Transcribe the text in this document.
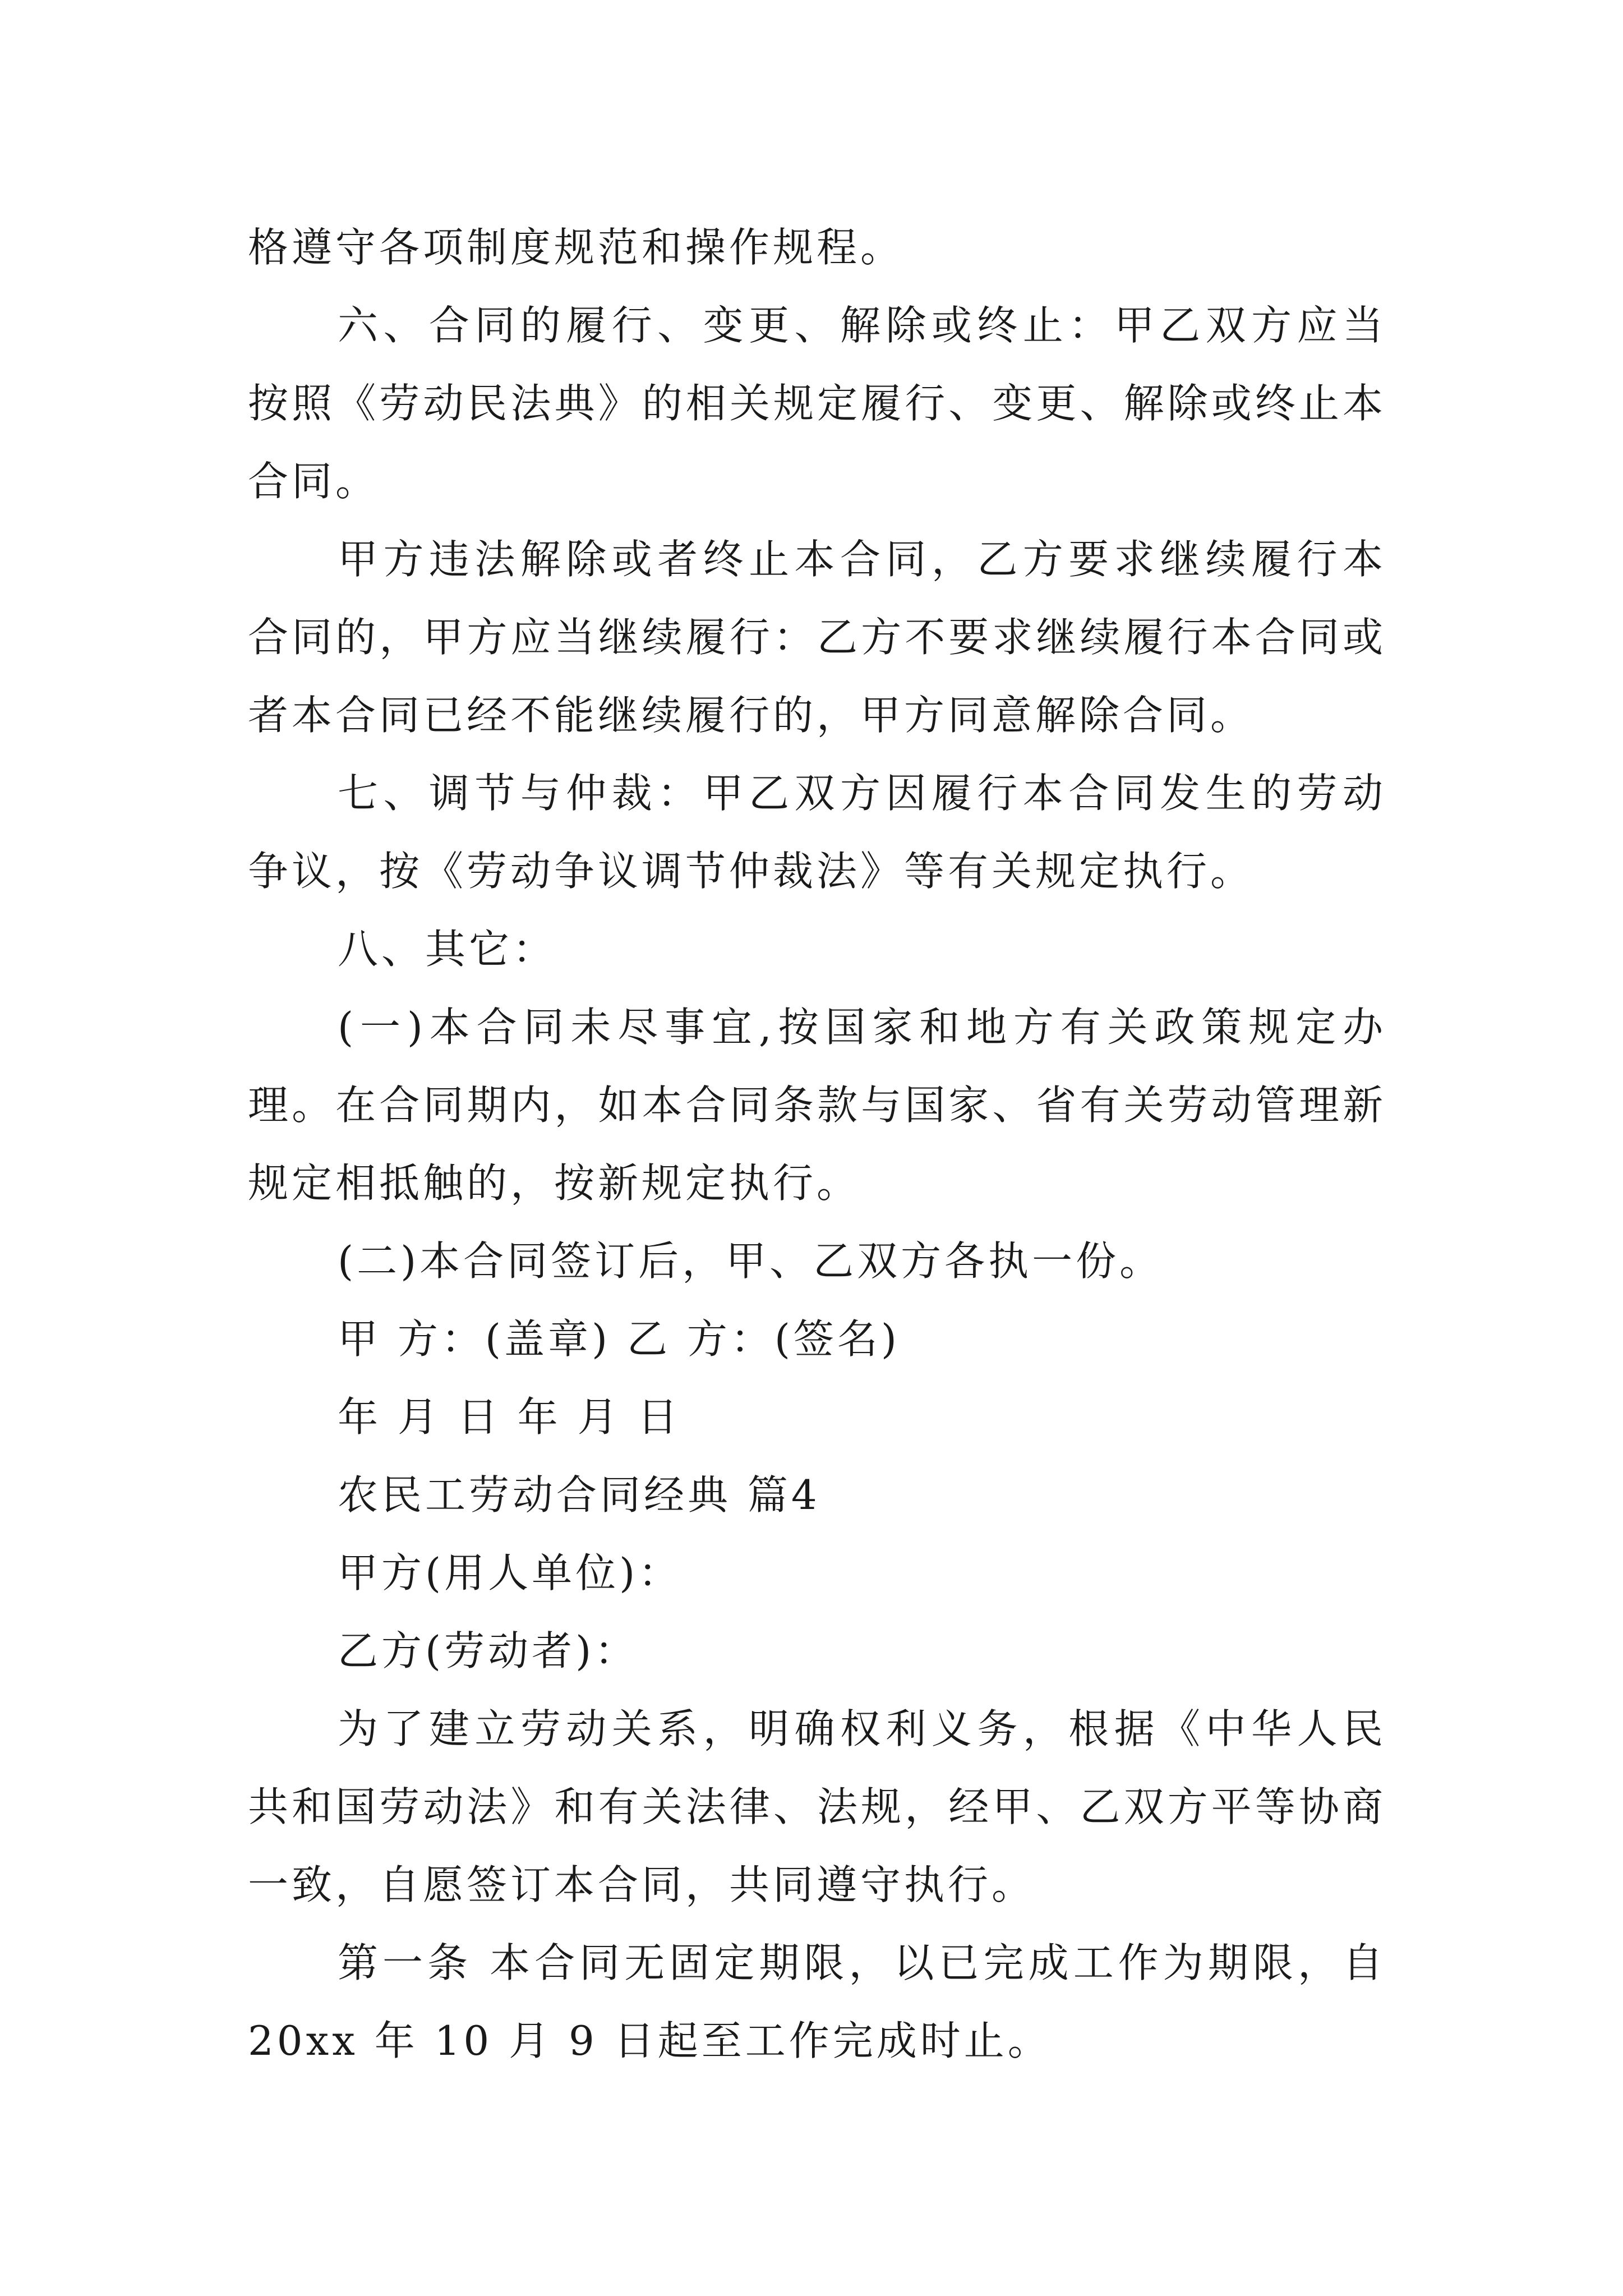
格遵守各项制度规范和操作规程。

六、合同的履行、变更、解除或终止：甲乙双方应当按照《劳动民法典》的相关规定履行、变更、解除或终止本合同。

甲方违法解除或者终止本合同，乙方要求继续履行本合同的，甲方应当继续履行：乙方不要求继续履行本合同或者本合同已经不能继续履行的，甲方同意解除合同。

七、调节与仲裁：甲乙双方因履行本合同发生的劳动争议，按《劳动争议调节仲裁法》等有关规定执行。

八、其它：

(一)本合同未尽事宜,按国家和地方有关政策规定办理。在合同期内，如本合同条款与国家、省有关劳动管理新规定相抵触的，按新规定执行。

(二)本合同签订后，甲、乙双方各执一份。

甲 方：(盖章) 乙 方：(签名)

年 月 日 年 月 日

农民工劳动合同经典 篇4

甲方(用人单位)：

乙方(劳动者)：

为了建立劳动关系，明确权利义务，根据《中华人民共和国劳动法》和有关法律、法规，经甲、乙双方平等协商一致，自愿签订本合同，共同遵守执行。

第一条 本合同无固定期限，以已完成工作为期限，自20xx 年 10 月 9 日起至工作完成时止。
